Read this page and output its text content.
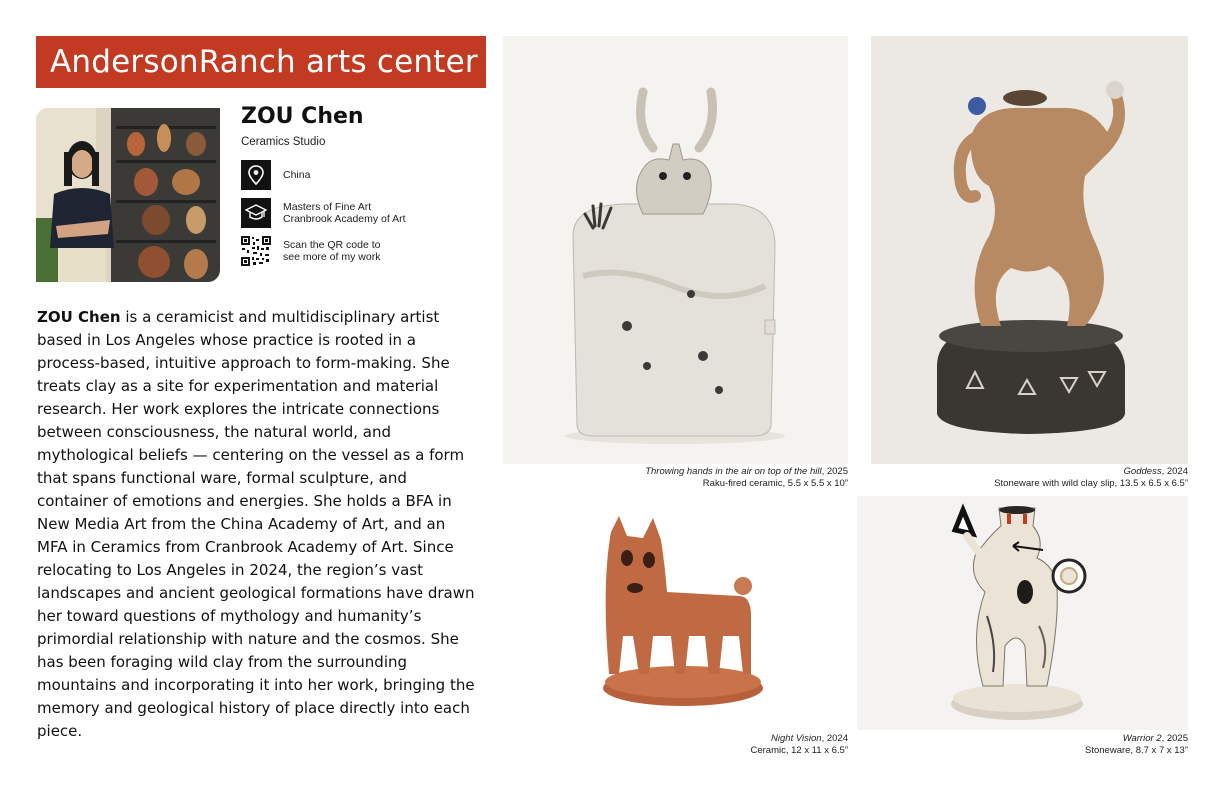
AndersonRanch arts center
ZOU Chen
Ceramics Studio
China
Masters of Fine Art
Cranbrook Academy of Art
Scan the QR code to
see more of my work
ZOU Chen is a ceramicist and multidisciplinary artist based in Los Angeles whose practice is rooted in a process-based, intuitive approach to form-making. She treats clay as a site for experimentation and material research. Her work explores the intricate connections between consciousness, the natural world, and mythological beliefs — centering on the vessel as a form that spans functional ware, formal sculpture, and container of emotions and energies. She holds a BFA in New Media Art from the China Academy of Art, and an MFA in Ceramics from Cranbrook Academy of Art. Since relocating to Los Angeles in 2024, the region’s vast landscapes and ancient geological formations have drawn her toward questions of mythology and humanity’s primordial relationship with nature and the cosmos. She has been foraging wild clay from the surrounding mountains and incorporating it into her work, bringing the memory and geological history of place directly into each piece.
Throwing hands in the air on top of the hill, 2025
Raku-fired ceramic, 5.5 x 5.5 x 10”
Goddess, 2024
Stoneware with wild clay slip, 13.5 x 6.5 x 6.5”
Night Vision, 2024
Ceramic, 12 x 11 x 6.5”
Warrior 2, 2025
Stoneware, 8.7 x 7 x 13”
